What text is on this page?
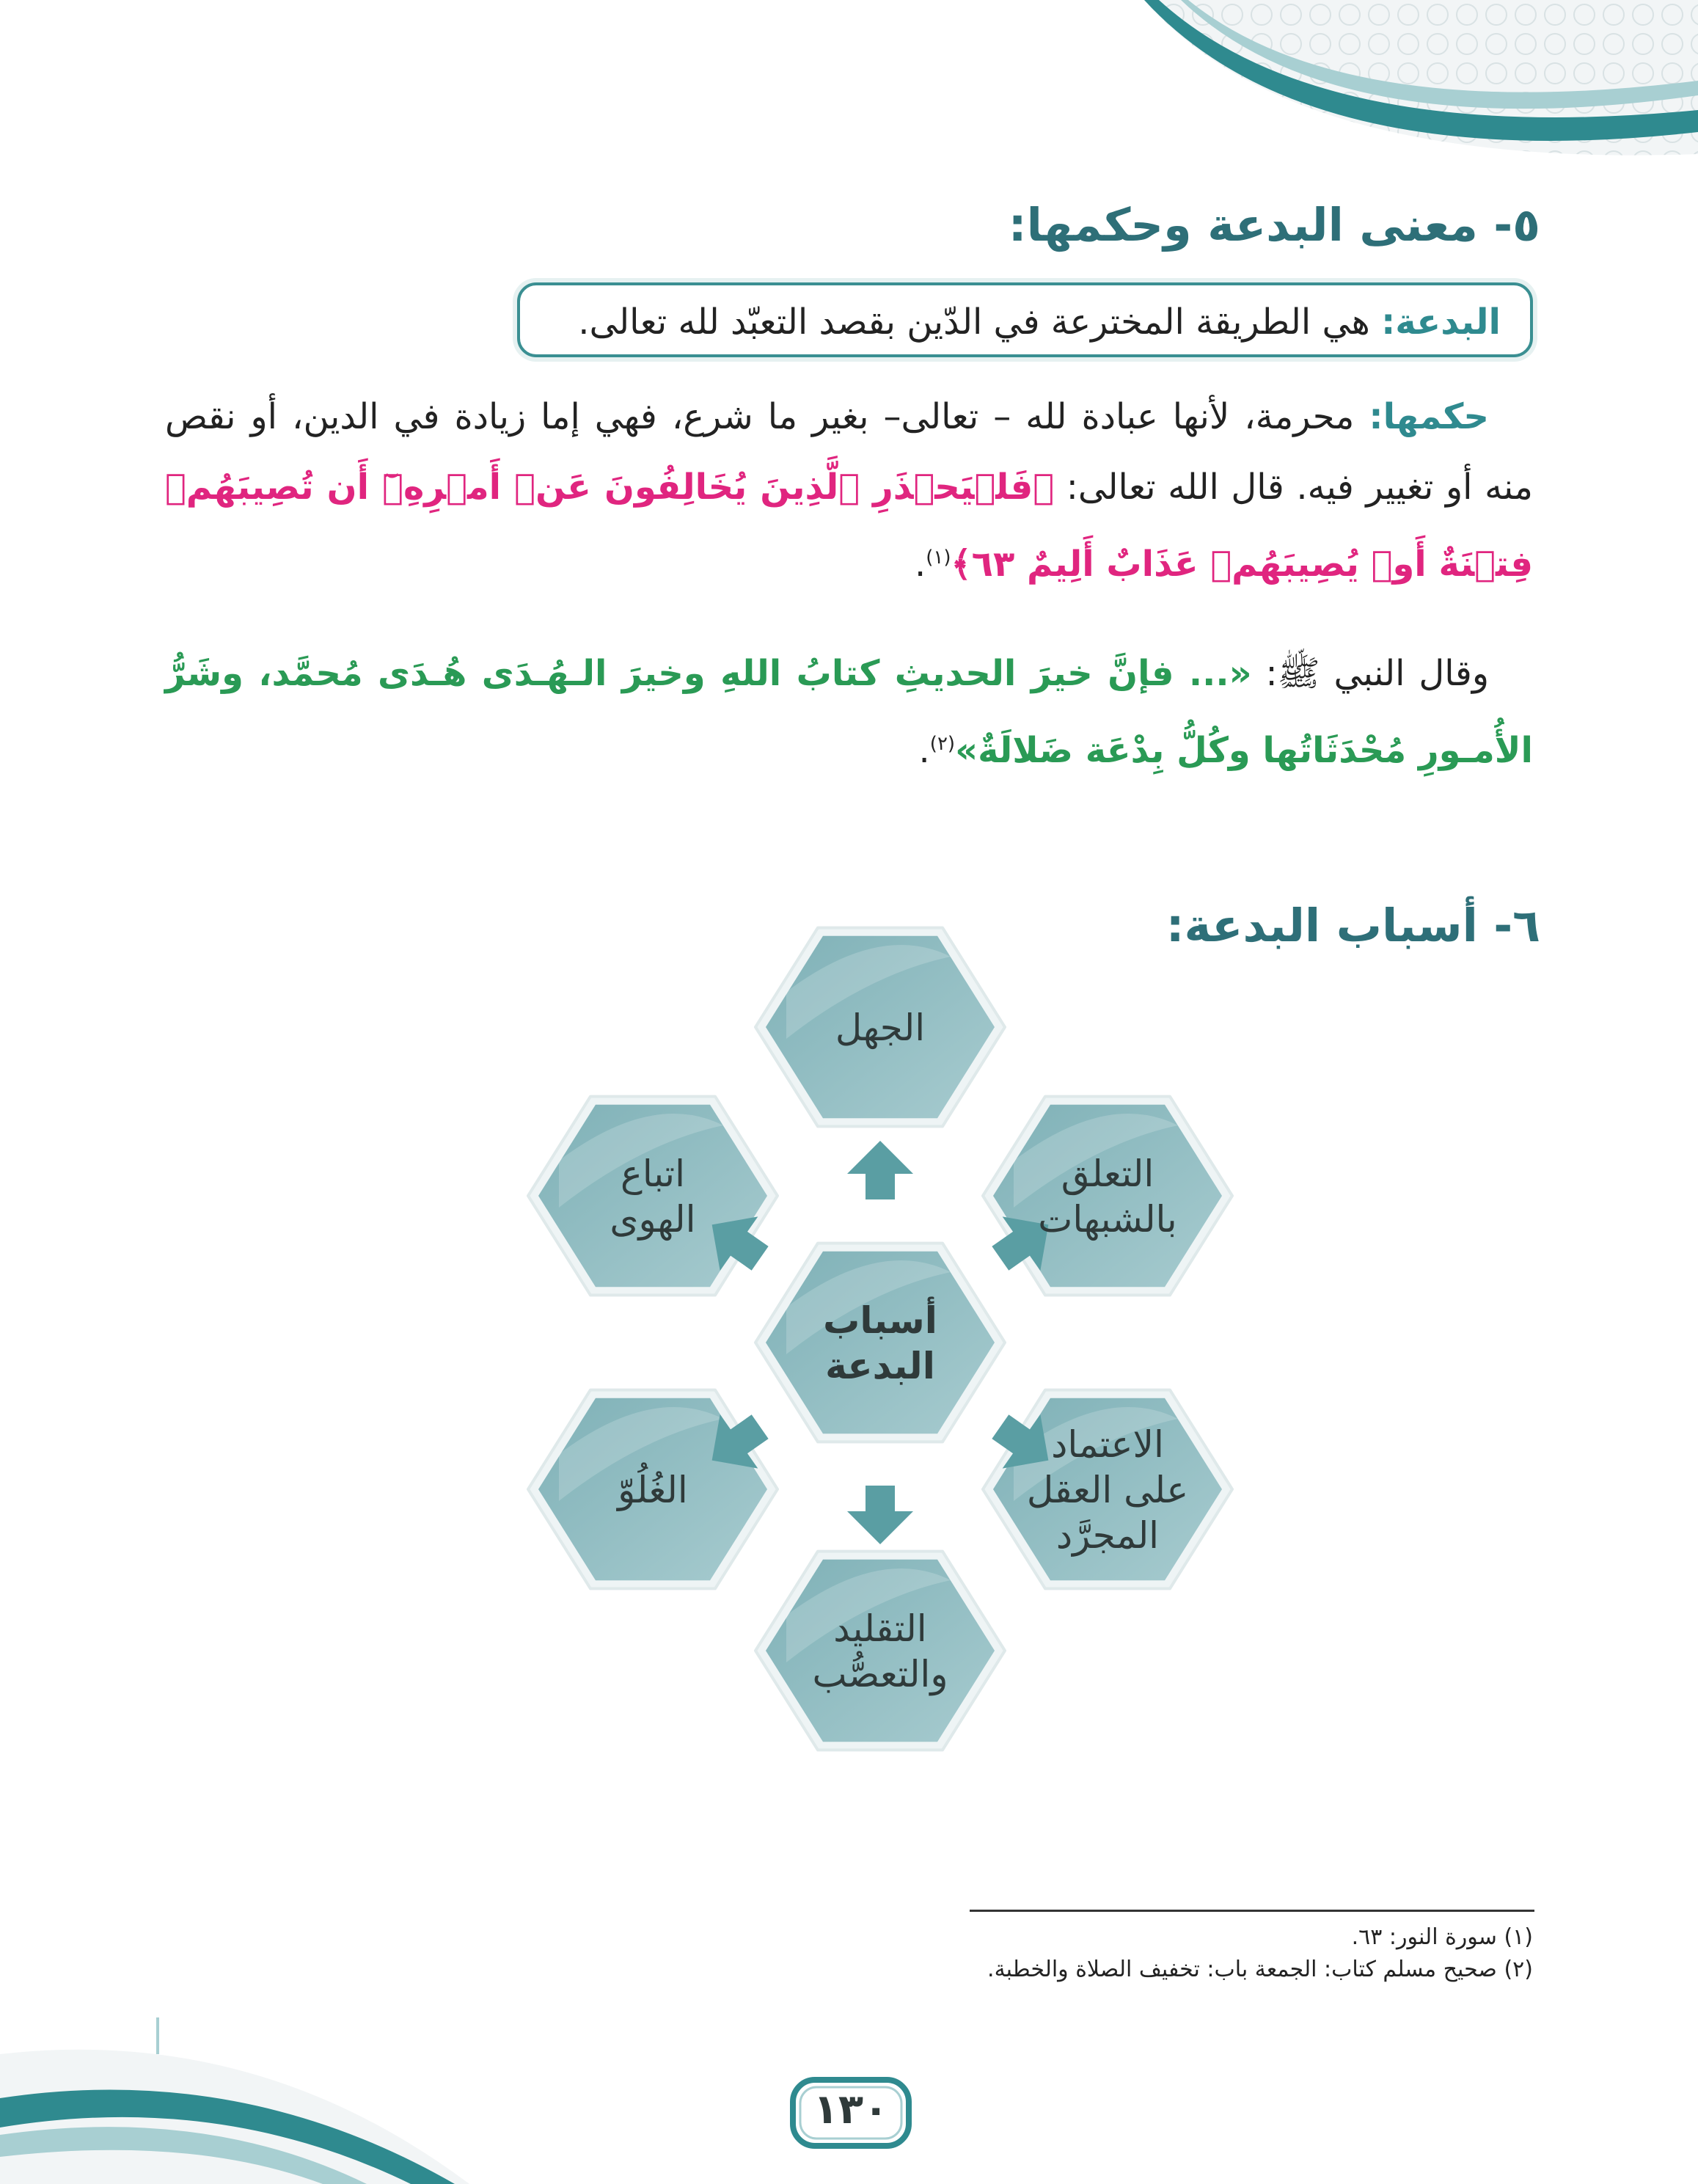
٥- معنى البدعة وحكمها:
البدعة: هي الطريقة المخترعة في الدّين بقصد التعبّد لله تعالى.
حكمها: محرمة، لأنها عبادة لله – تعالى– بغير ما شرع، فهي إما زيادة في الدين، أو نقص منه أو تغيير فيه. قال الله تعالى: ﴿فَلۡيَحۡذَرِ ٱلَّذِينَ يُخَالِفُونَ عَنۡ أَمۡرِهِۦٓ أَن تُصِيبَهُمۡ فِتۡنَةٌ أَوۡ يُصِيبَهُمۡ عَذَابٌ أَلِيمٌ ٦٣﴾$^{(١)}$.
وقال النبي ﷺ: «... فإنَّ خيرَ الحديثِ كتابُ اللهِ وخيرَ الـهُـدَى هُـدَى مُحمَّد، وشَرُّ الأُمـورِ مُحْدَثَاتُها وكُلُّ بِدْعَة ضَلالَةٌ»$^{(٢)}$.
٦- أسباب البدعة:
الجهل
التعلق
بالشبهات
الاعتماد
على العقل
المجرَّد
التقليد
والتعصُّب
الغُلُوّ
اتباع
الهوى
أسباب
البدعة
(١) سورة النور: ٦٣.
(٢) صحيح مسلم كتاب: الجمعة باب: تخفيف الصلاة والخطبة.
١٣٠
